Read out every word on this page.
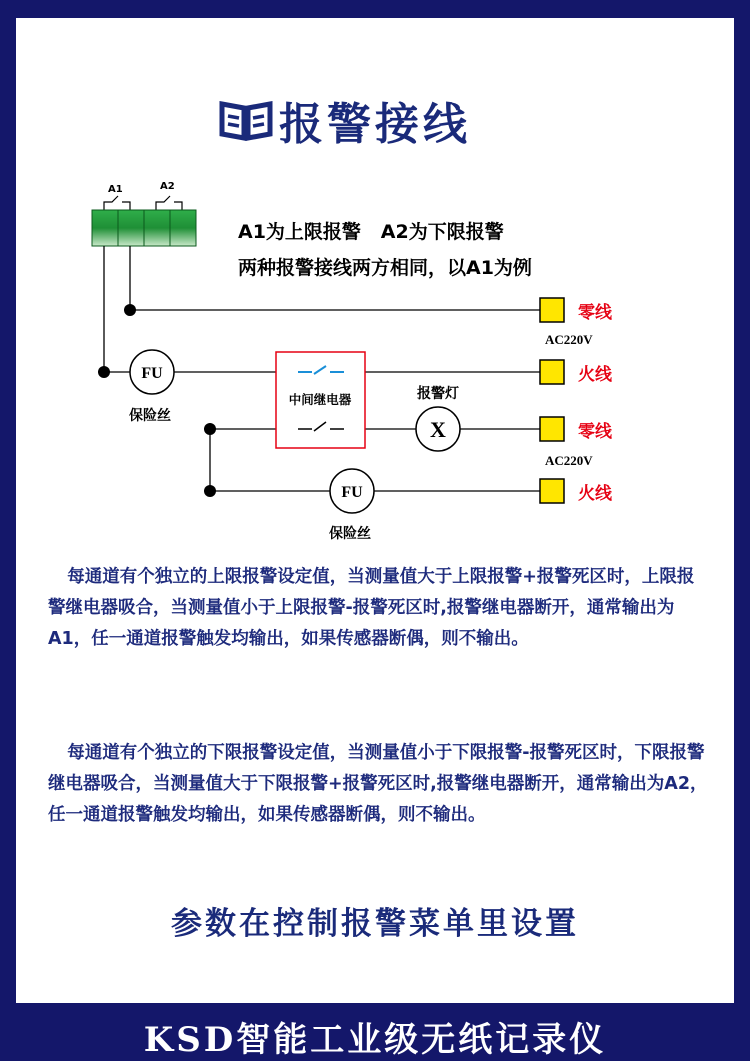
报警接线
A1	A2
A1为上限报警   A2为下限报警
两种报警接线两方相同，以A1为例
FU
保险丝
中间继电器	报警灯
X
FU
保险丝
零线
AC220V
火线
零线
AC220V
火线

每通道有个独立的上限报警设定值，当测量值大于上限报警+报警死区时，上限报警继电器吸合，当测量值小于上限报警-报警死区时,报警继电器断开，通常输出为A1，任一通道报警触发均输出，如果传感器断偶，则不输出。

每通道有个独立的下限报警设定值，当测量值小于下限报警-报警死区时，下限报警继电器吸合，当测量值大于下限报警+报警死区时,报警继电器断开，通常输出为A2，任一通道报警触发均输出，如果传感器断偶，则不输出。

参数在控制报警菜单里设置
KSD智能工业级无纸记录仪
